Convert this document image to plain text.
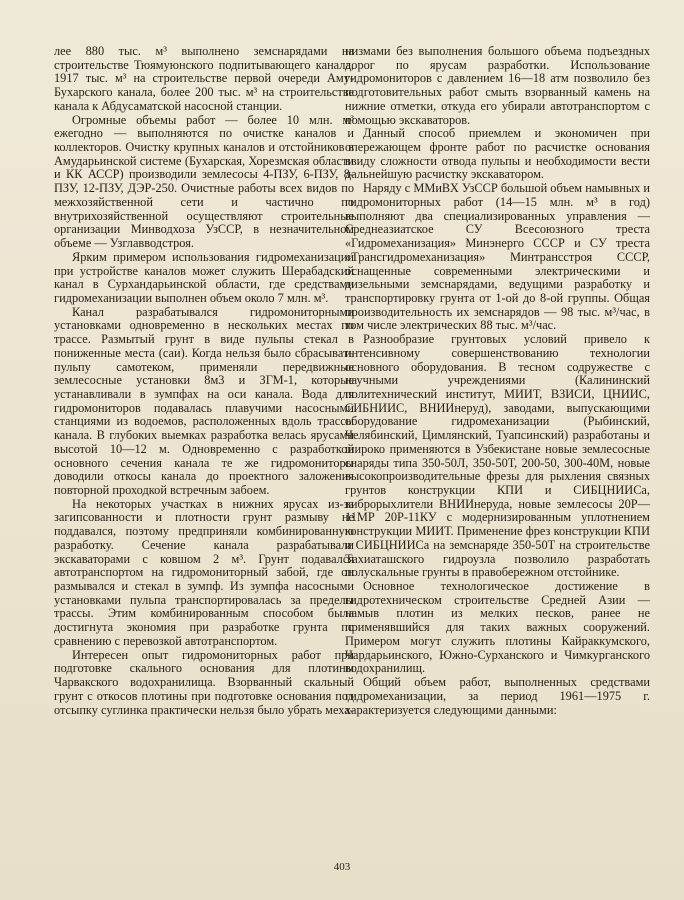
лее 880 тыс. м³ выполнено земснарядами на строительстве Тюямуюнского подпитывающего канала, 1917 тыс. м³ на строительстве первой очереди Аму-Бухарского канала, более 200 тыс. м³ на строительстве канала к Абдусаматской насосной станции.

Огромные объемы работ — более 10 млн. м³ ежегодно — выполняются по очистке каналов и коллекторов. Очистку крупных каналов и отстойников в Амударьинской системе (Бухарская, Хорезмская области и КК АССР) производили землесосы 4-ПЗУ, 6-ПЗУ, 8-ПЗУ, 12-ПЗУ, ДЭР-250. Очистные работы всех видов по межхозяйственной сети и частично по внутрихозяйственной осуществляют строительные организации Минводхоза УзССР, в незначительном объеме — Узглавводстроя.

Ярким примером использования гидромеханизации при устройстве каналов может служить Шерабадский канал в Сурхандарьинской области, где средствами гидромеханизации выполнен объем около 7 млн. м³.

Канал разрабатывался гидромониторными установками одновременно в нескольких местах по трассе. Размытый грунт в виде пульпы стекал в пониженные места (саи). Когда нельзя было сбрасывать пульпу самотеком, применяли передвижные землесосные установки 8м3 и ЗГМ-1, которые устанавливали в зумпфах на оси канала. Вода для гидромониторов подавалась плавучими насосными станциями из водоемов, расположенных вдоль трассы канала. В глубоких выемках разработка велась ярусами высотой 10—12 м. Одновременно с разработкой основного сечения канала те же гидромониторы доводили откосы канала до проектного заложения повторной проходкой встречным забоем.

На некоторых участках в нижних ярусах из-за загипсованности и плотности грунт размыву не поддавался, поэтому предприняли комбинированную разработку. Сечение канала разрабатывали экскаваторами с ковшом 2 м³. Грунт подавался автотранспортом на гидромониторный забой, где он размывался и стекал в зумпф. Из зумпфа насосными установками пульпа транспортировалась за пределы трассы. Этим комбинированным способом была достигнута экономия при разработке грунта по сравнению с перевозкой автотранспортом.

Интересен опыт гидромониторных работ при подготовке скального основания для плотины Чарвакского водохранилища. Взорванный скальный грунт с откосов плотины при подготовке основания под отсыпку суглинка практически нельзя было убрать меха-

низмами без выполнения большого объема подъездных дорог по ярусам разработки. Использование гидромониторов с давлением 16—18 атм позволило без подготовительных работ смыть взорванный камень на нижние отметки, откуда его убирали автотранспортом с помощью экскаваторов.

Данный способ приемлем и экономичен при опережающем фронте работ по расчистке основания ввиду сложности отвода пульпы и необходимости вести дальнейшую расчистку экскаватором.

Наряду с ММиВХ УзССР большой объем намывных и гидромониторных работ (14—15 млн. м³ в год) выполняют два специализированных управления — Среднеазиатское СУ Всесоюзного треста «Гидромеханизация» Минэнерго СССР и СУ треста «Трансгидромеханизация» Минтрансстроя СССР, оснащенные современными электрическими и дизельными земснарядами, ведущими разработку и транспортировку грунта от 1-ой до 8-ой группы. Общая производительность их земснарядов — 98 тыс. м³/час, в том числе электрических 88 тыс. м³/час.

Разнообразие грунтовых условий привело к интенсивному совершенствованию технологии основного оборудования. В тесном содружестве с научными учреждениями (Калининский политехнический институт, МИИТ, ВЗИСИ, ЦНИИС, СИБНИИС, ВНИИнеруд), заводами, выпускающими оборудование гидромеханизации (Рыбинский, Челябинский, Цимлянский, Туапсинский) разработаны и широко применяются в Узбекистане новые землесосные снаряды типа 350-50Л, 350-50Т, 200-50, 300-40М, новые высокопроизводительные фрезы для рыхления связных грунтов конструкции КПИ и СИБЦНИИСа, виброрыхлители ВНИИнеруда, новые землесосы 20Р—11МР 20Р-11КУ с модернизированным уплотнением конструкции МИИТ. Применение фрез конструкции КПИ и СИБЦНИИСа на земснаряде 350-50Т на строительстве Тахиаташского гидроузла позволило разработать полускальные грунты в правобережном отстойнике.

Основное технологическое достижение в гидротехническом строительстве Средней Азии — намыв плотин из мелких песков, ранее не применявшийся для таких важных сооружений. Примером могут служить плотины Кайраккумского, Чардарьинского, Южно-Сурханского и Чимкурганского водохранилищ.

Общий объем работ, выполненных средствами гидромеханизации, за период 1961—1975 г. характеризуется следующими данными:

403
